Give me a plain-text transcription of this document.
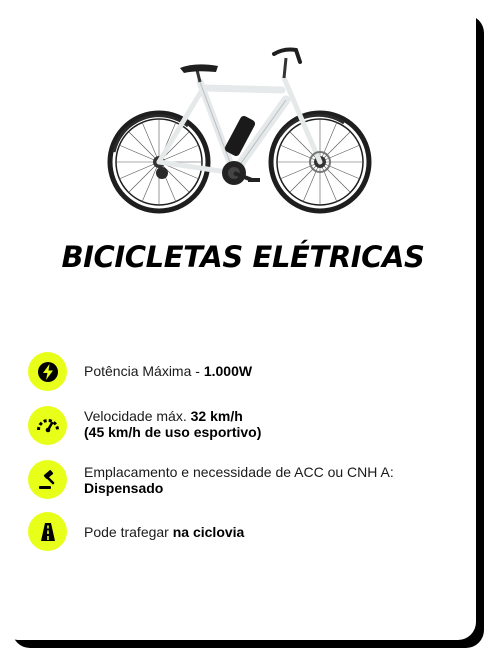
BICICLETAS ELÉTRICAS
Potência Máxima - 1.000W
Velocidade máx. 32 km/h
(45 km/h de uso esportivo)
Emplacamento e necessidade de ACC ou CNH A:
Dispensado
Pode trafegar na ciclovia
